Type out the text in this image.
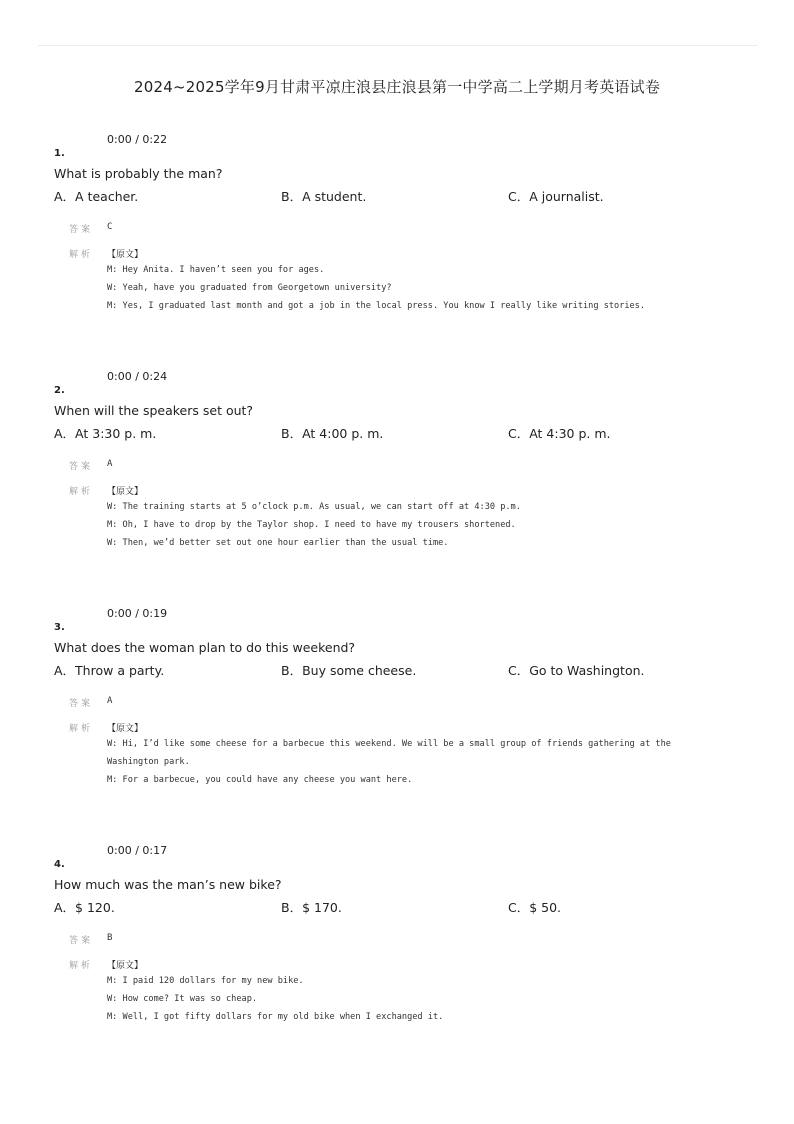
2024~2025学年9月甘肃平凉庄浪县庄浪县第一中学高二上学期月考英语试卷
0:00 / 0:22
1.
What is probably the man?
A．A teacher.	B．A student.	C．A journalist.
答案 C
解析 【原文】
M: Hey Anita. I haven’t seen you for ages.
W: Yeah, have you graduated from Georgetown university?
M: Yes, I graduated last month and got a job in the local press. You know I really like writing stories.
0:00 / 0:24
2.
When will the speakers set out?
A．At 3:30 p. m.	B．At 4:00 p. m.	C．At 4:30 p. m.
答案 A
解析 【原文】
W: The training starts at 5 o’clock p.m. As usual, we can start off at 4:30 p.m.
M: Oh, I have to drop by the Taylor shop. I need to have my trousers shortened.
W: Then, we’d better set out one hour earlier than the usual time.
0:00 / 0:19
3.
What does the woman plan to do this weekend?
A．Throw a party.	B．Buy some cheese.	C．Go to Washington.
答案 A
解析 【原文】
W: Hi, I’d like some cheese for a barbecue this weekend. We will be a small group of friends gathering at the
Washington park.
M: For a barbecue, you could have any cheese you want here.
0:00 / 0:17
4.
How much was the man’s new bike?
A．$ 120.	B．$ 170.	C．$ 50.
答案 B
解析 【原文】
M: I paid 120 dollars for my new bike.
W: How come? It was so cheap.
M: Well, I got fifty dollars for my old bike when I exchanged it.
